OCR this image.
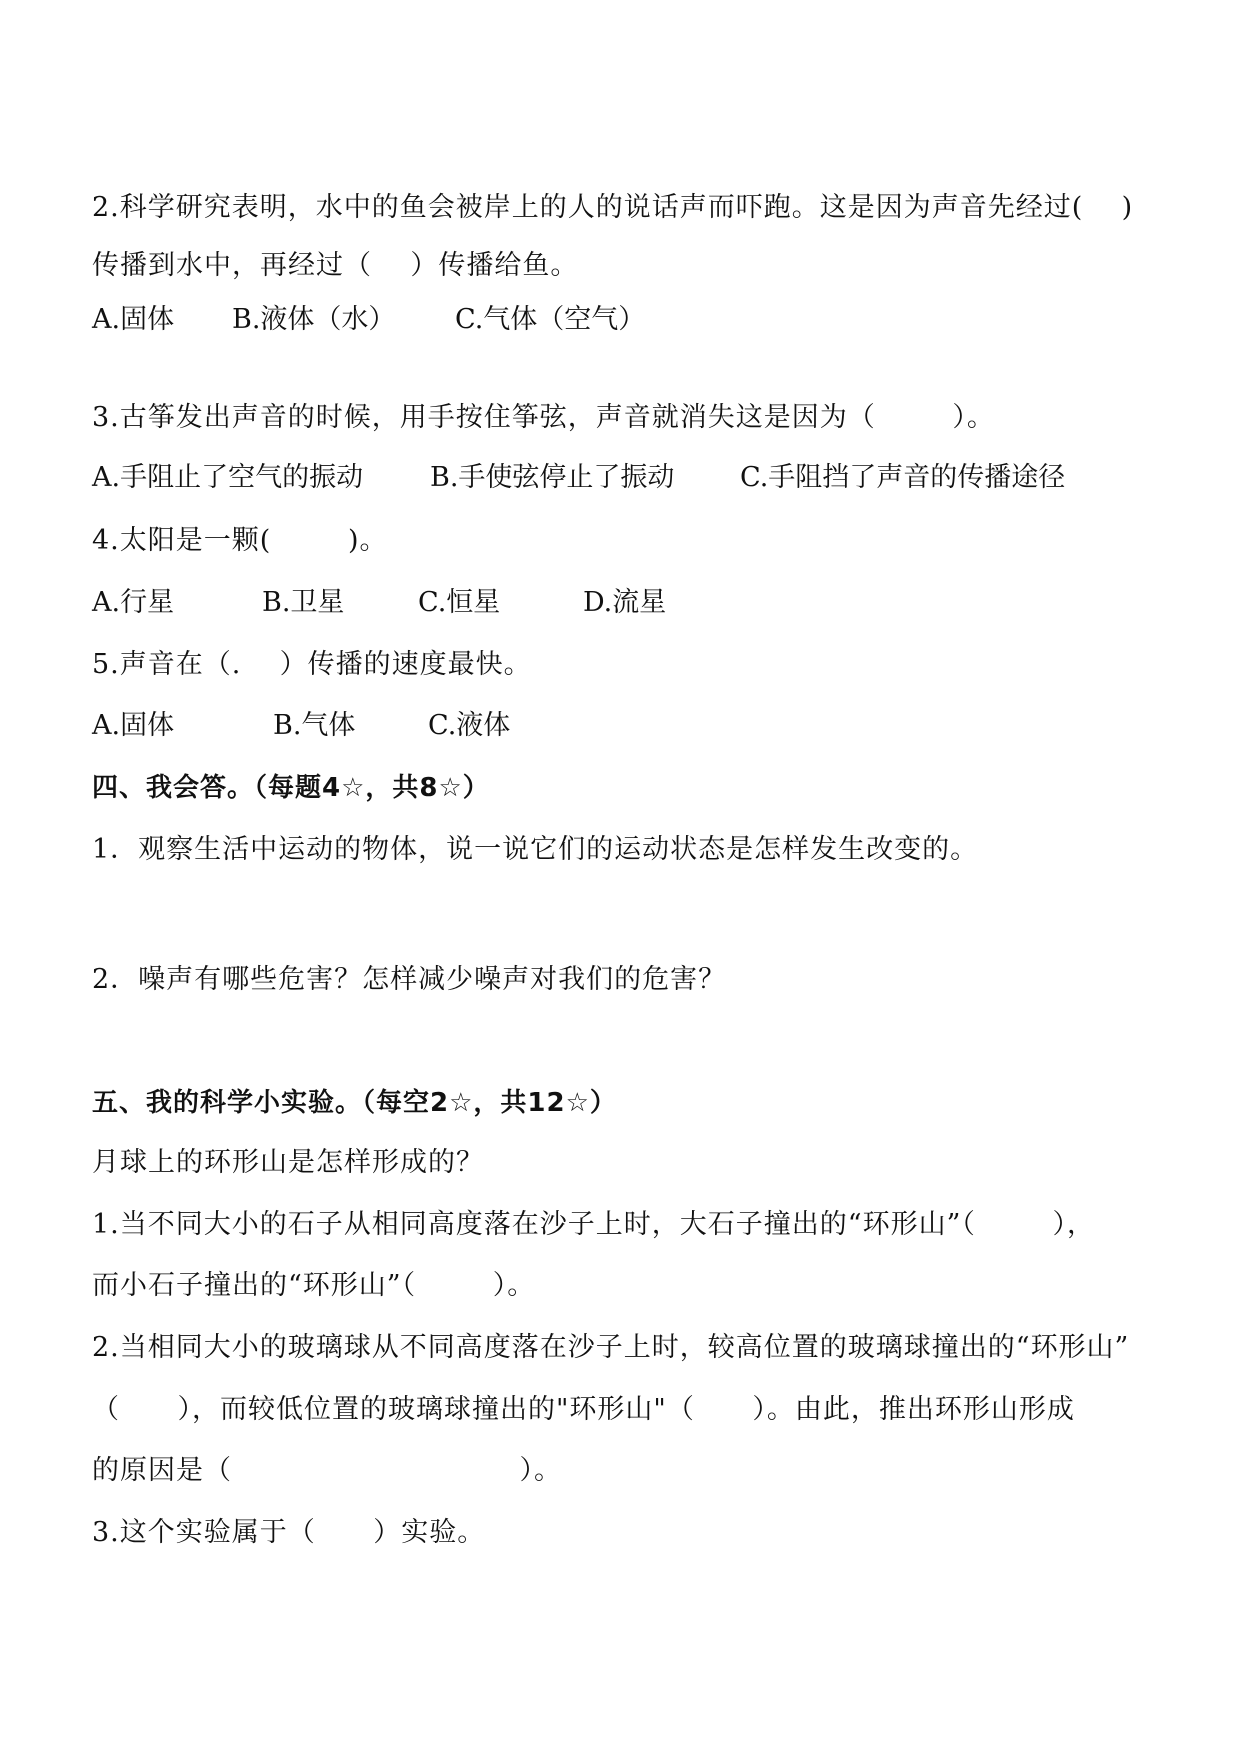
2.科学研究表明，水中的鱼会被岸上的人的说话声而吓跑。这是因为声音先经过(    )
传播到水中，再经过（    ）传播给鱼。
A.固体 B.液体（水） C.气体（空气）
3.古筝发出声音的时候，用手按住筝弦，声音就消失这是因为（        ）。
A.手阻止了空气的振动 B.手使弦停止了振动 C.手阻挡了声音的传播途径
4.太阳是一颗(        )。
A.行星	B.卫星	C.恒星	D.流星
5.声音在（.    ）传播的速度最快。
A.固体	B.气体	C.液体
四、我会答。（每题4☆，共8☆）
1．观察生活中运动的物体，说一说它们的运动状态是怎样发生改变的。
2．噪声有哪些危害？怎样减少噪声对我们的危害？
五、我的科学小实验。（每空2☆，共12☆）
月球上的环形山是怎样形成的？
1.当不同大小的石子从相同高度落在沙子上时，大石子撞出的“环形山”（        ），
而小石子撞出的“环形山”（        ）。
2.当相同大小的玻璃球从不同高度落在沙子上时，较高位置的玻璃球撞出的“环形山”
（      ），而较低位置的玻璃球撞出的"环形山"（      ）。由此，推出环形山形成
的原因是（                              ）。
3.这个实验属于（      ）实验。
